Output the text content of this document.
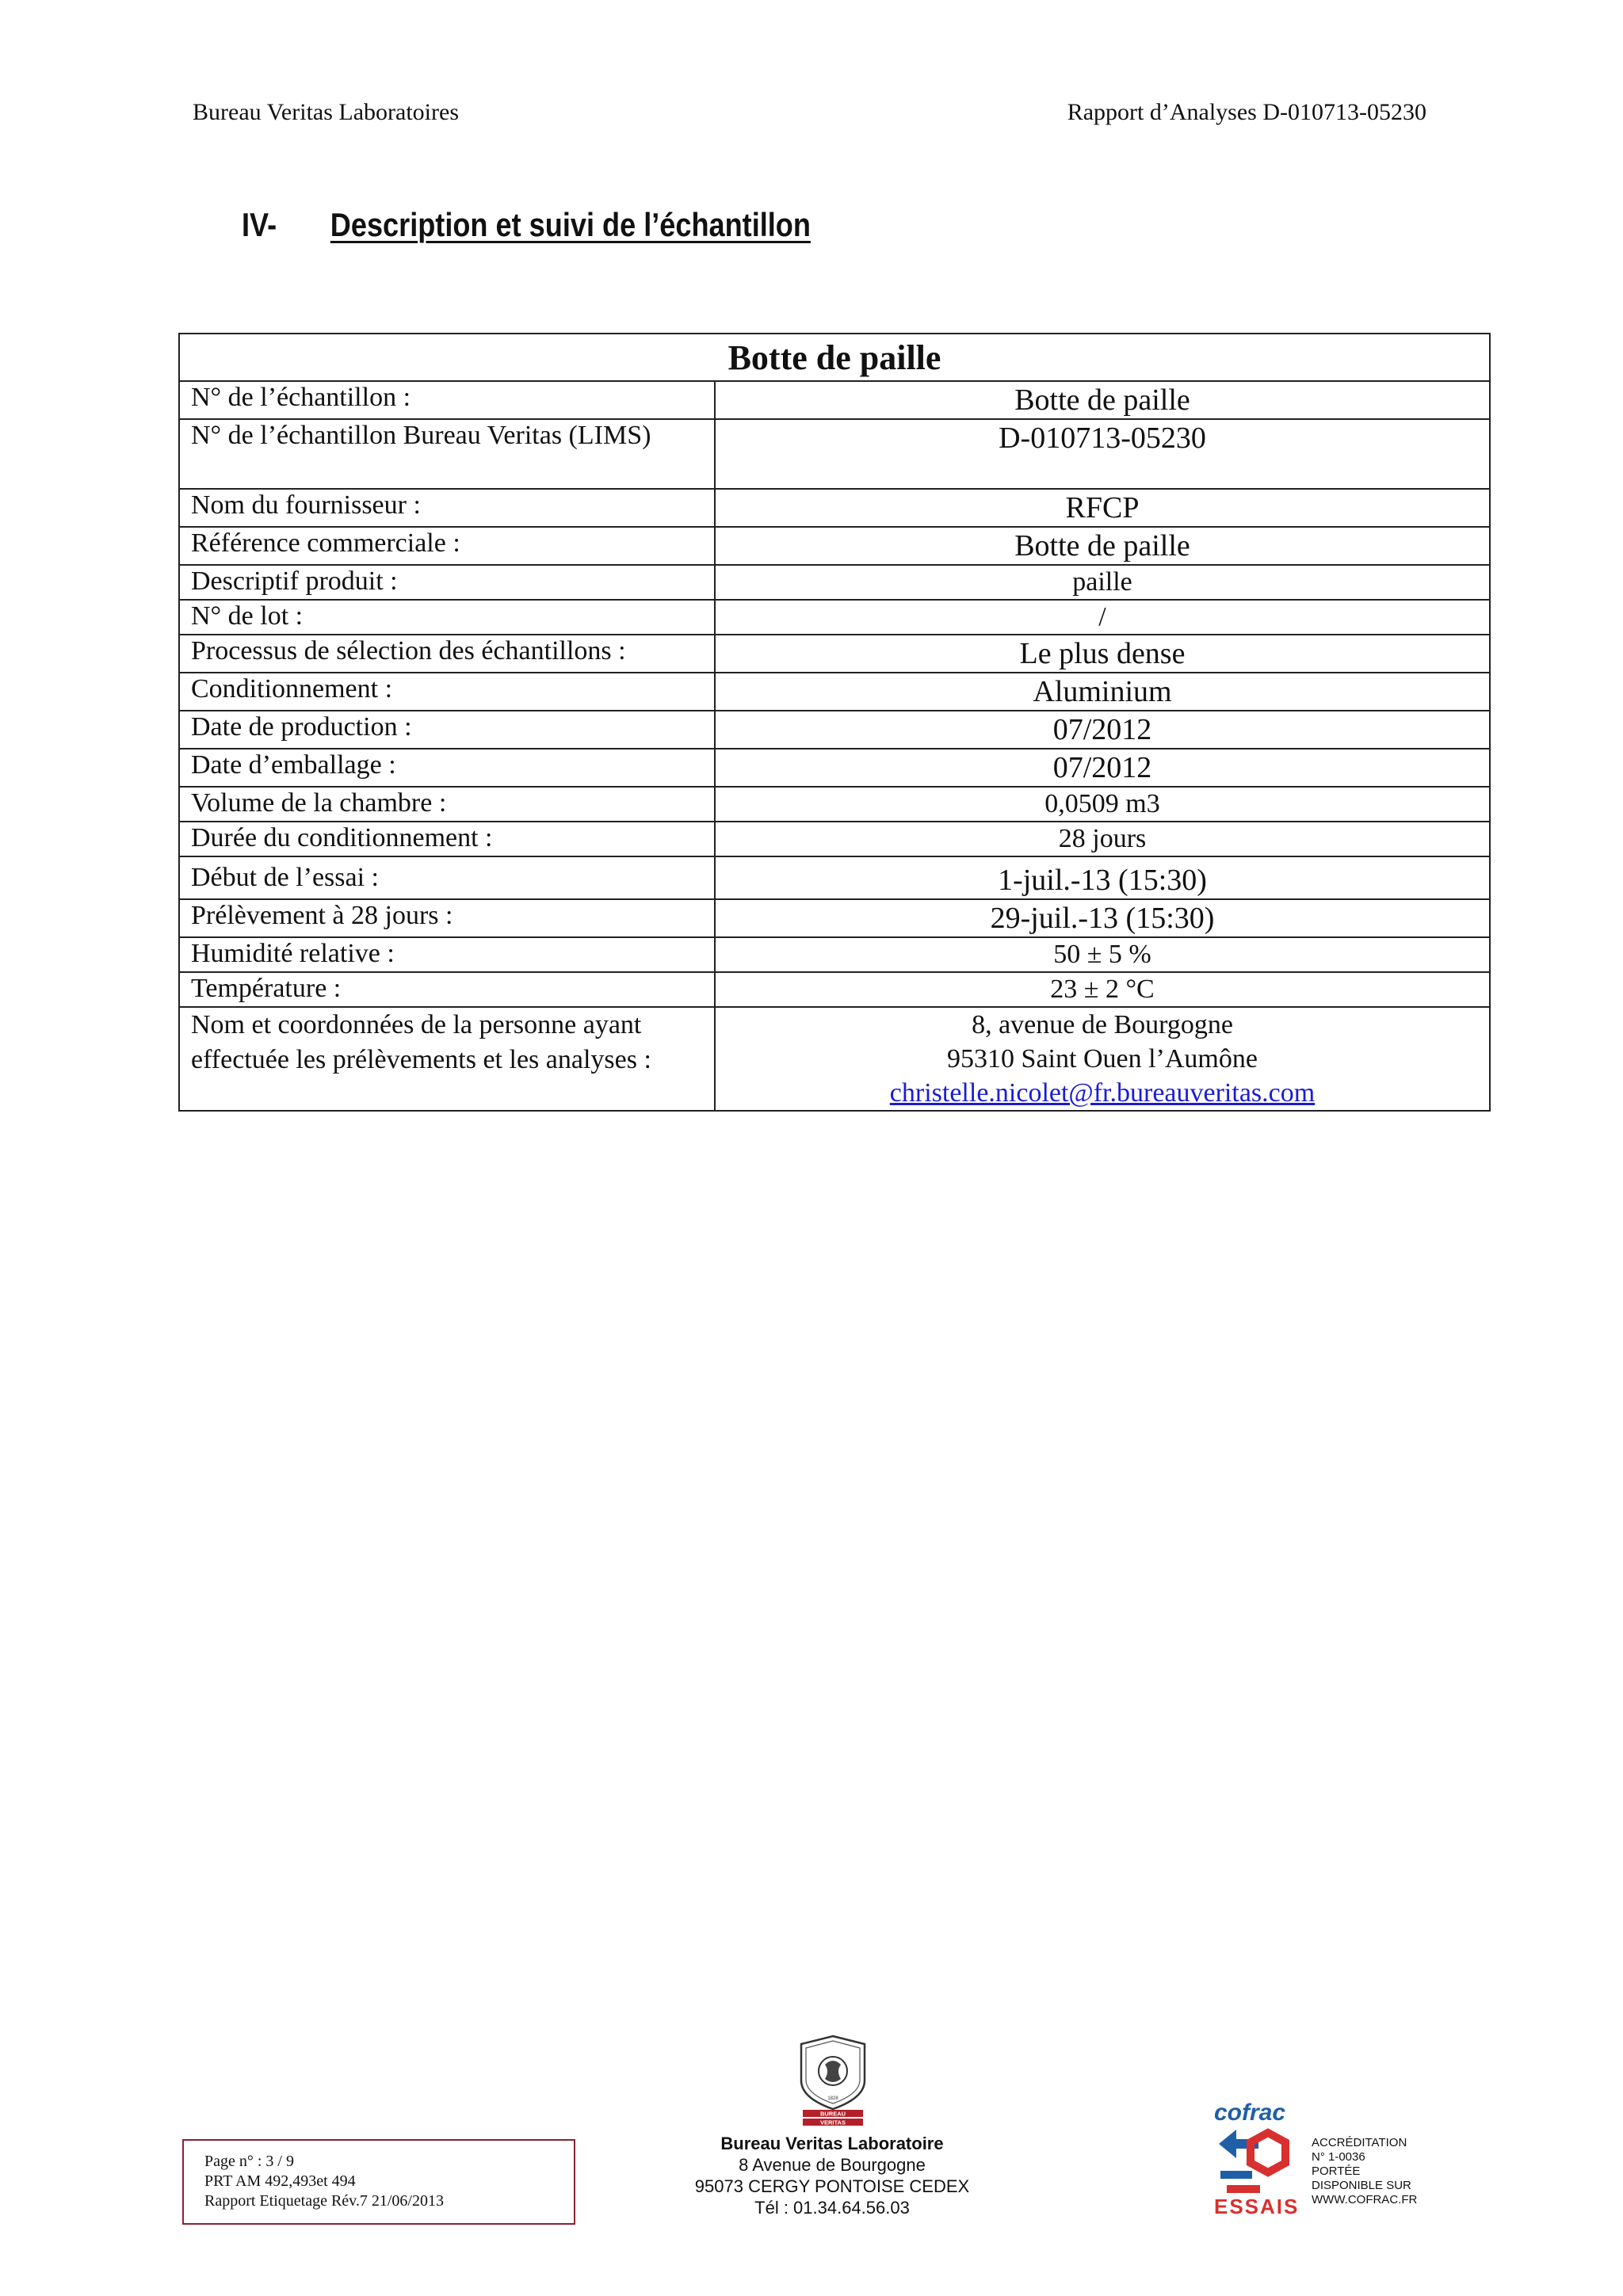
Bureau Veritas Laboratoires	Rapport d’Analyses D-010713-05230
IV- Description et suivi de l’échantillon
Botte de paille	
N° de l’échantillon :	Botte de paille
N° de l’échantillon Bureau Veritas (LIMS)	D-010713-05230
Nom du fournisseur :	RFCP
Référence commerciale :	Botte de paille
Descriptif produit :	paille
N° de lot :	/
Processus de sélection des échantillons :	Le plus dense
Conditionnement :	Aluminium
Date de production :	07/2012
Date d’emballage :	07/2012
Volume de la chambre :	0,0509 m3
Durée du conditionnement :	28 jours
Début de l’essai :	1-juil.-13 (15:30)
Prélèvement à 28 jours :	29-juil.-13 (15:30)
Humidité relative :	50 ± 5 %
Température :	23 ± 2 °C
Nom et coordonnées de la personne ayant effectuée les prélèvements et les analyses :	8, avenue de Bourgogne
95310 Saint Ouen l’Aumône
christelle.nicolet@fr.bureauveritas.com
BUREAU
VERITAS
1828
Page n° : 3 / 9
PRT AM 492,493et 494
Rapport Etiquetage Rév.7 21/06/2013
Bureau Veritas Laboratoire
8 Avenue de Bourgogne
95073 CERGY PONTOISE CEDEX
Tél : 01.34.64.56.03
cofrac
ESSAIS
ACCRÉDITATION
N° 1-0036
PORTÉE
DISPONIBLE SUR
WWW.COFRAC.FR
